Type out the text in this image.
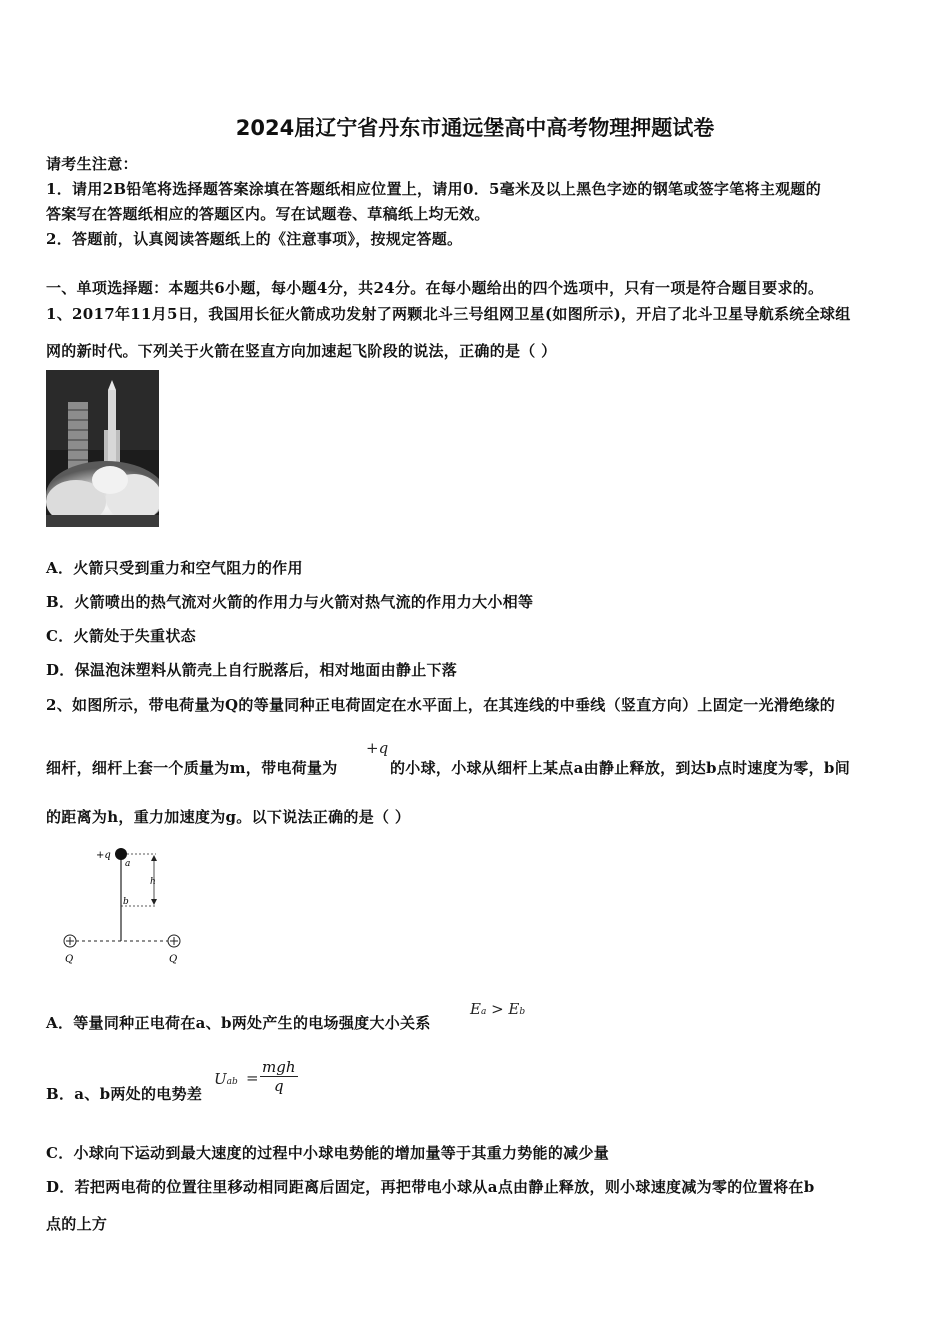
2024届辽宁省丹东市通远堡高中高考物理押题试卷
请考生注意：
1．请用2B铅笔将选择题答案涂填在答题纸相应位置上，请用0．5毫米及以上黑色字迹的钢笔或签字笔将主观题的
答案写在答题纸相应的答题区内。写在试题卷、草稿纸上均无效。
2．答题前，认真阅读答题纸上的《注意事项》，按规定答题。
一、单项选择题：本题共6小题，每小题4分，共24分。在每小题给出的四个选项中，只有一项是符合题目要求的。
1、2017年11月5日，我国用长征火箭成功发射了两颗北斗三号组网卫星(如图所示)，开启了北斗卫星导航系统全球组
网的新时代。下列关于火箭在竖直方向加速起飞阶段的说法，正确的是（ ）
A．火箭只受到重力和空气阻力的作用
B．火箭喷出的热气流对火箭的作用力与火箭对热气流的作用力大小相等
C．火箭处于失重状态
D．保温泡沫塑料从箭壳上自行脱落后，相对地面由静止下落
2、如图所示，带电荷量为Q的等量同种正电荷固定在水平面上，在其连线的中垂线（竖直方向）上固定一光滑绝缘的
细杆，细杆上套一个质量为m，带电荷量为
+q
的小球，小球从细杆上某点a由静止释放，到达b点时速度为零，b间
的距离为h，重力加速度为g。以下说法正确的是（ ）
+q
a
b
h
Q	Q
A．等量同种正电荷在a、b两处产生的电场强度大小关系
Ea > Eb
B．a、b两处的电势差
Uab =
mgh
q
C．小球向下运动到最大速度的过程中小球电势能的增加量等于其重力势能的减少量
D．若把两电荷的位置往里移动相同距离后固定，再把带电小球从a点由静止释放，则小球速度减为零的位置将在b
点的上方
